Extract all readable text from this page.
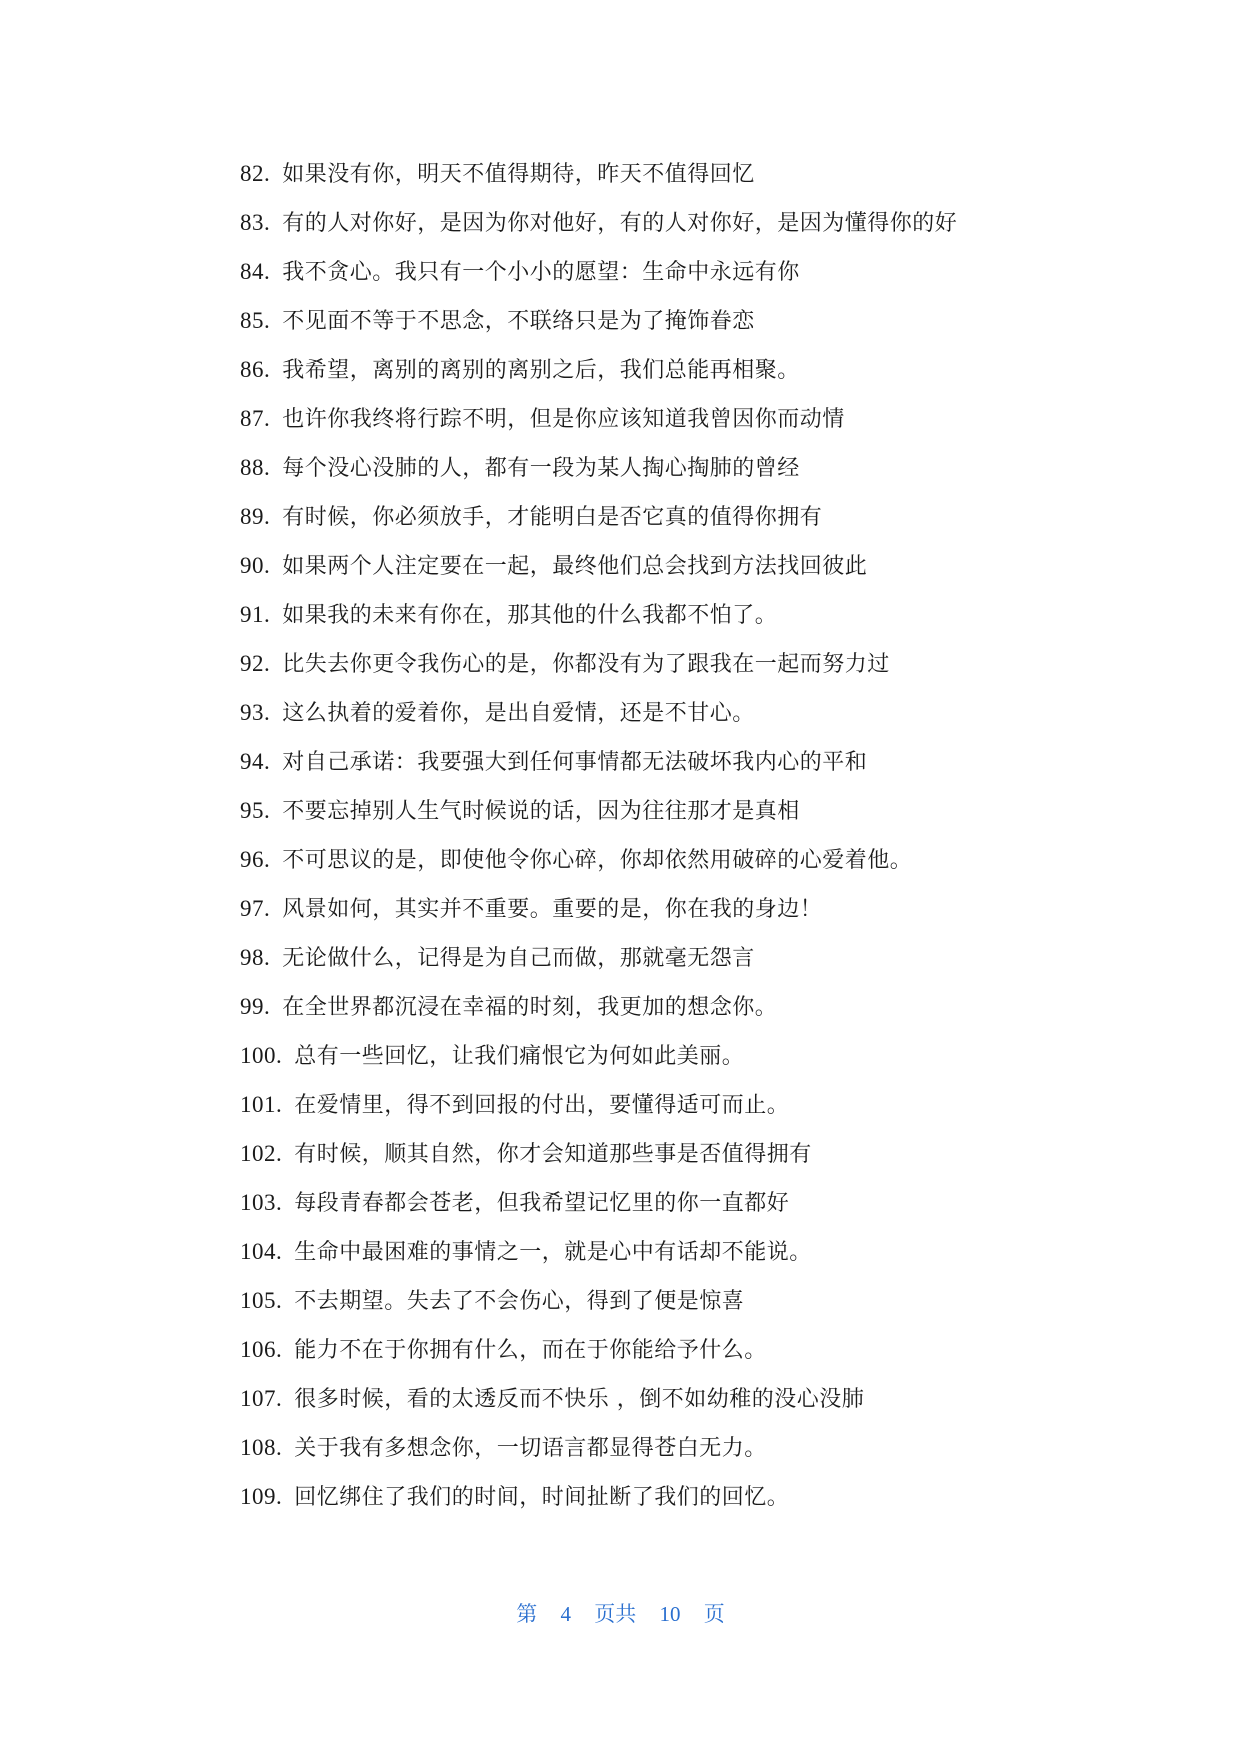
82. 如果没有你，明天不值得期待，昨天不值得回忆
83. 有的人对你好，是因为你对他好，有的人对你好，是因为懂得你的好
84. 我不贪心。我只有一个小小的愿望：生命中永远有你
85. 不见面不等于不思念，不联络只是为了掩饰眷恋
86. 我希望，离别的离别的离别之后，我们总能再相聚。
87. 也许你我终将行踪不明，但是你应该知道我曾因你而动情
88. 每个没心没肺的人，都有一段为某人掏心掏肺的曾经
89. 有时候，你必须放手，才能明白是否它真的值得你拥有
90. 如果两个人注定要在一起，最终他们总会找到方法找回彼此
91. 如果我的未来有你在，那其他的什么我都不怕了。
92. 比失去你更令我伤心的是，你都没有为了跟我在一起而努力过
93. 这么执着的爱着你，是出自爱情，还是不甘心。
94. 对自己承诺：我要强大到任何事情都无法破坏我内心的平和
95. 不要忘掉别人生气时候说的话，因为往往那才是真相
96. 不可思议的是，即使他令你心碎，你却依然用破碎的心爱着他。
97. 风景如何，其实并不重要。重要的是，你在我的身边！
98. 无论做什么，记得是为自己而做，那就毫无怨言
99. 在全世界都沉浸在幸福的时刻，我更加的想念你。
100. 总有一些回忆，让我们痛恨它为何如此美丽。
101. 在爱情里，得不到回报的付出，要懂得适可而止。
102. 有时候，顺其自然，你才会知道那些事是否值得拥有
103. 每段青春都会苍老，但我希望记忆里的你一直都好
104. 生命中最困难的事情之一，就是心中有话却不能说。
105. 不去期望。失去了不会伤心，得到了便是惊喜
106. 能力不在于你拥有什么，而在于你能给予什么。
107. 很多时候，看的太透反而不快乐 ，倒不如幼稚的没心没肺
108. 关于我有多想念你，一切语言都显得苍白无力。
109. 回忆绑住了我们的时间，时间扯断了我们的回忆。
第 4 页共 10 页
